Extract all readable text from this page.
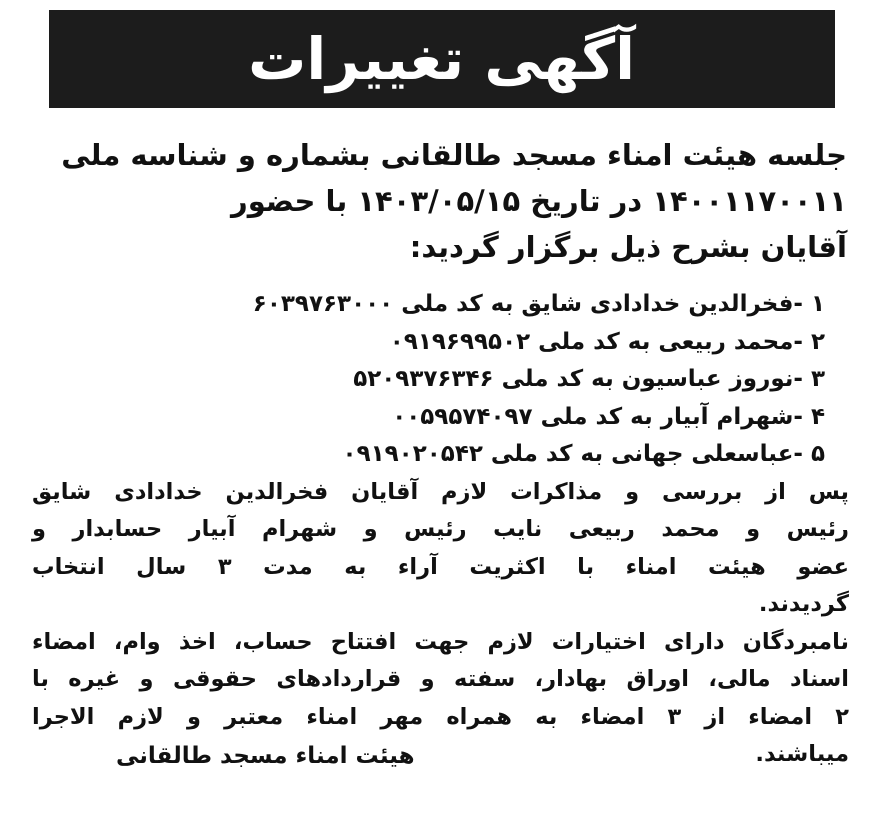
آگهی تغییرات
جلسه هیئت امناء مسجد طالقانی بشماره و شناسه ملی
۱۴۰۰۱۱۷۰۰۱۱ در تاریخ ۱۴۰۳/۰۵/۱۵ با حضور
آقایان بشرح ذیل برگزار گردید:
۱ -فخرالدین خدادادی شایق به کد ملی ۶۰۳۹۷۶۳۰۰۰
۲ -محمد ربیعی به کد ملی ۰۹۱۹۶۹۹۵۰۲
۳ -نوروز عباسیون به کد ملی ۵۲۰۹۳۷۶۳۴۶
۴ -شهرام آبیار به کد ملی ۰۰۵۹۵۷۴۰۹۷
۵ -عباسعلی جهانی به کد ملی ۰۹۱۹۰۲۰۵۴۲
پس از بررسی و مذاکرات لازم آقایان فخرالدین خدادادی شایق
رئیس و محمد ربیعی نایب رئیس و شهرام آبیار حسابدار و
عضو هیئت امناء با اکثریت آراء به مدت ۳ سال انتخاب
گردیدند.
نامبردگان دارای اختیارات لازم جهت افتتاح حساب، اخذ وام، امضاء
اسناد مالی، اوراق بهادار، سفته و قراردادهای حقوقی و غیره با
۲ امضاء از ۳ امضاء به همراه مهر امناء معتبر و لازم الاجرا
میباشند.
هیئت امناء مسجد طالقانی
